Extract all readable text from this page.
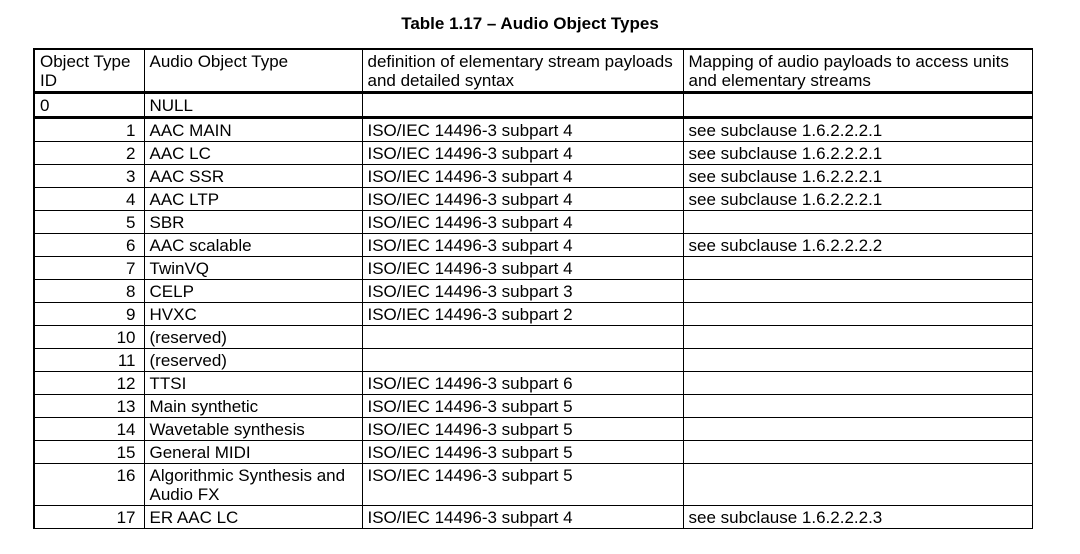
Table 1.17 – Audio Object Types
Object Type ID	Audio Object Type	definition of elementary stream payloads and detailed syntax	Mapping of audio payloads to access units and elementary streams
0	NULL		
1	AAC MAIN	ISO/IEC 14496-3 subpart 4	see subclause 1.6.2.2.2.1
2	AAC LC	ISO/IEC 14496-3 subpart 4	see subclause 1.6.2.2.2.1
3	AAC SSR	ISO/IEC 14496-3 subpart 4	see subclause 1.6.2.2.2.1
4	AAC LTP	ISO/IEC 14496-3 subpart 4	see subclause 1.6.2.2.2.1
5	SBR	ISO/IEC 14496-3 subpart 4	
6	AAC scalable	ISO/IEC 14496-3 subpart 4	see subclause 1.6.2.2.2.2
7	TwinVQ	ISO/IEC 14496-3 subpart 4	
8	CELP	ISO/IEC 14496-3 subpart 3	
9	HVXC	ISO/IEC 14496-3 subpart 2	
10	(reserved)		
11	(reserved)		
12	TTSI	ISO/IEC 14496-3 subpart 6	
13	Main synthetic	ISO/IEC 14496-3 subpart 5	
14	Wavetable synthesis	ISO/IEC 14496-3 subpart 5	
15	General MIDI	ISO/IEC 14496-3 subpart 5	
16	Algorithmic Synthesis and Audio FX	ISO/IEC 14496-3 subpart 5	
17	ER AAC LC	ISO/IEC 14496-3 subpart 4	see subclause 1.6.2.2.2.3
